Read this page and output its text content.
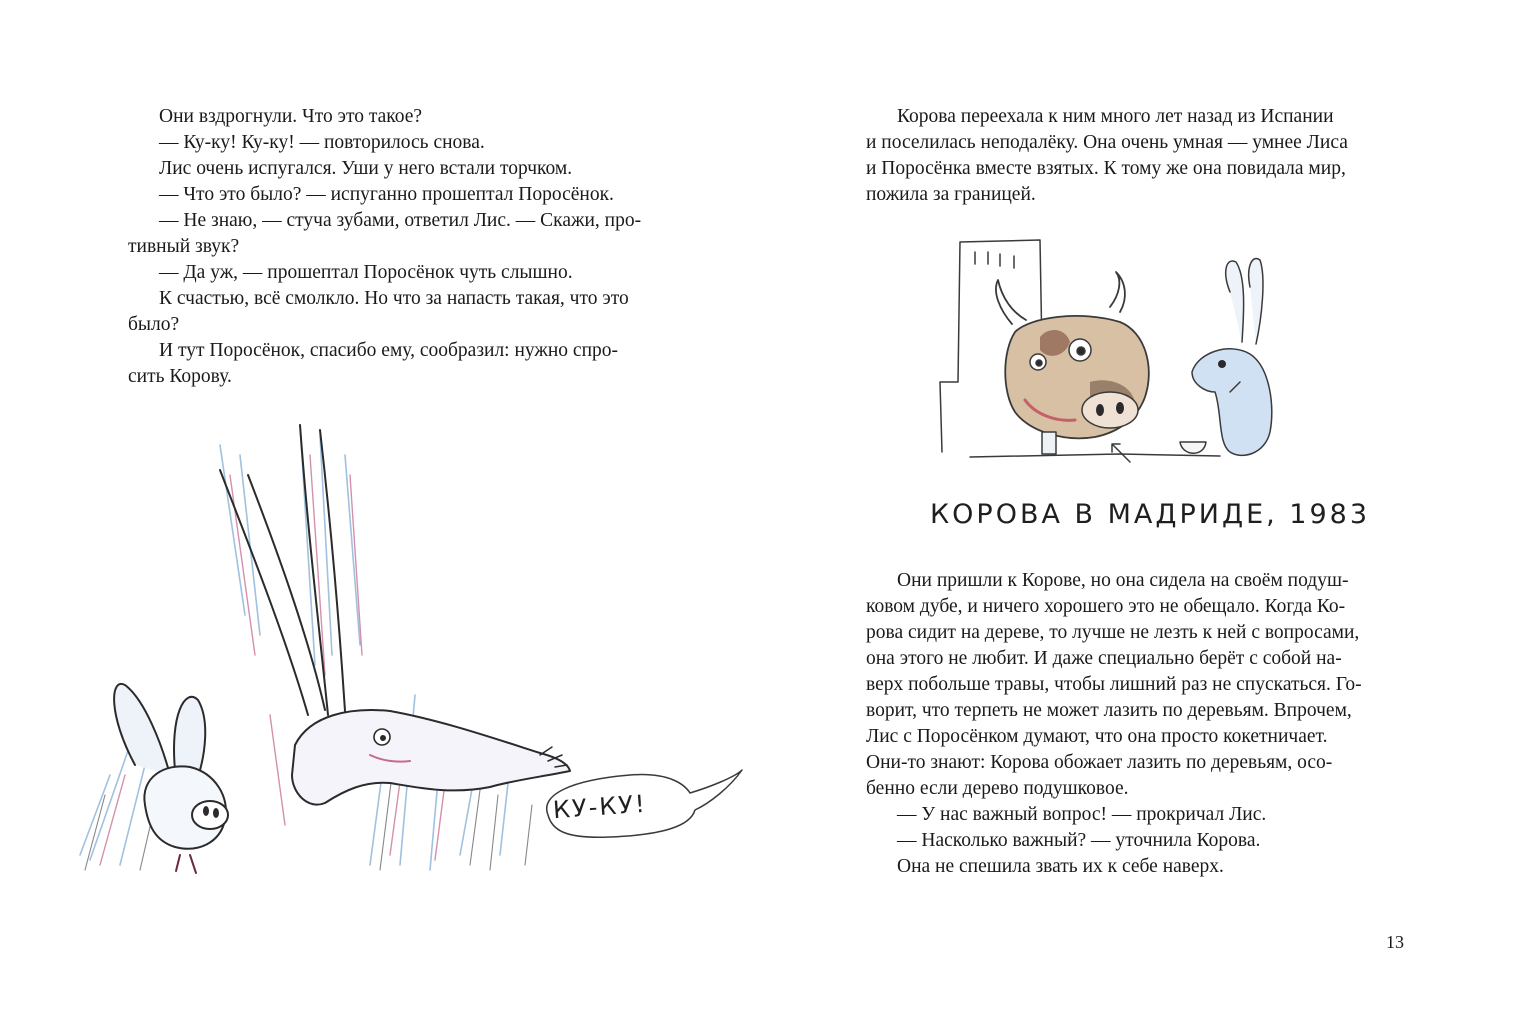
Они вздрогнули. Что это такое?
— Ку-ку! Ку-ку! — повторилось снова.
Лис очень испугался. Уши у него встали торчком.
— Что это было? — испуганно прошептал Поросёнок.
— Не знаю, — стуча зубами, ответил Лис. — Скажи, про-
тивный звук?
— Да уж, — прошептал Поросёнок чуть слышно.
К счастью, всё смолкло. Но что за напасть такая, что это
было?
И тут Поросёнок, спасибо ему, сообразил: нужно спро-
сить Корову.
КУ-КУ!
Корова переехала к ним много лет назад из Испании
и поселилась неподалёку. Она очень умная — умнее Лиса
и Поросёнка вместе взятых. К тому же она повидала мир,
пожила за границей.
КОРОВА В МАДРИДЕ, 1983
Они пришли к Корове, но она сидела на своём подуш-
ковом дубе, и ничего хорошего это не обещало. Когда Ко-
рова сидит на дереве, то лучше не лезть к ней с вопросами,
она этого не любит. И даже специально берёт с собой на-
верх побольше травы, чтобы лишний раз не спускаться. Го-
ворит, что терпеть не может лазить по деревьям. Впрочем,
Лис с Поросёнком думают, что она просто кокетничает.
Они-то знают: Корова обожает лазить по деревьям, осо-
бенно если дерево подушковое.
— У нас важный вопрос! — прокричал Лис.
— Насколько важный? — уточнила Корова.
Она не спешила звать их к себе наверх.
13
